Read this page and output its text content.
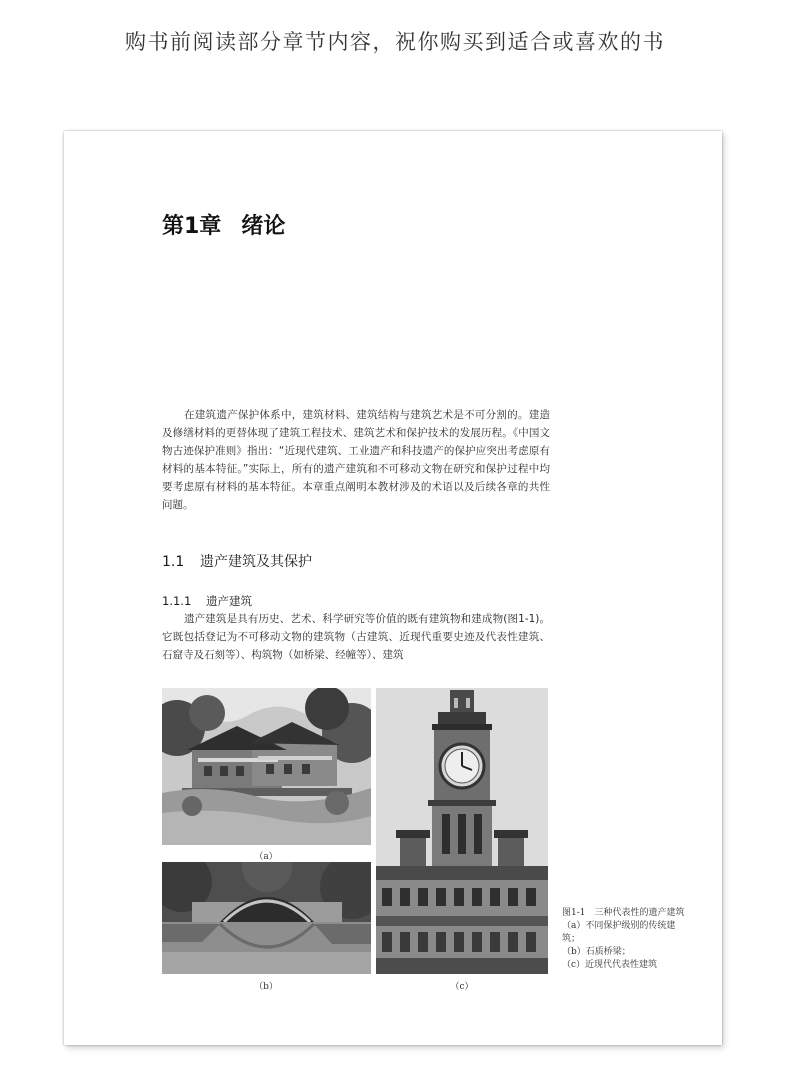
购书前阅读部分章节内容，祝你购买到适合或喜欢的书
第1章 绪论

在建筑遗产保护体系中，建筑材料、建筑结构与建筑艺术是不可分割的。建造及修缮材料的更替体现了建筑工程技术、建筑艺术和保护技术的发展历程。《中国文物古迹保护准则》指出：“近现代建筑、工业遗产和科技遗产的保护应突出考虑原有材料的基本特征。”实际上，所有的遗产建筑和不可移动文物在研究和保护过程中均要考虑原有材料的基本特征。本章重点阐明本教材涉及的术语以及后续各章的共性问题。

1.1 遗产建筑及其保护
1.1.1 遗产建筑

遗产建筑是具有历史、艺术、科学研究等价值的既有建筑物和建成物(图1-1)。它既包括登记为不可移动文物的建筑物（古建筑、近现代重要史迹及代表性建筑、石窟寺及石刻等）、构筑物（如桥梁、经幢等）、建筑

（a）
（b）	（c）
图1-1　三种代表性的遗产建筑
（a）不同保护级别的传统建筑；
（b）石质桥梁；
（c）近现代代表性建筑
